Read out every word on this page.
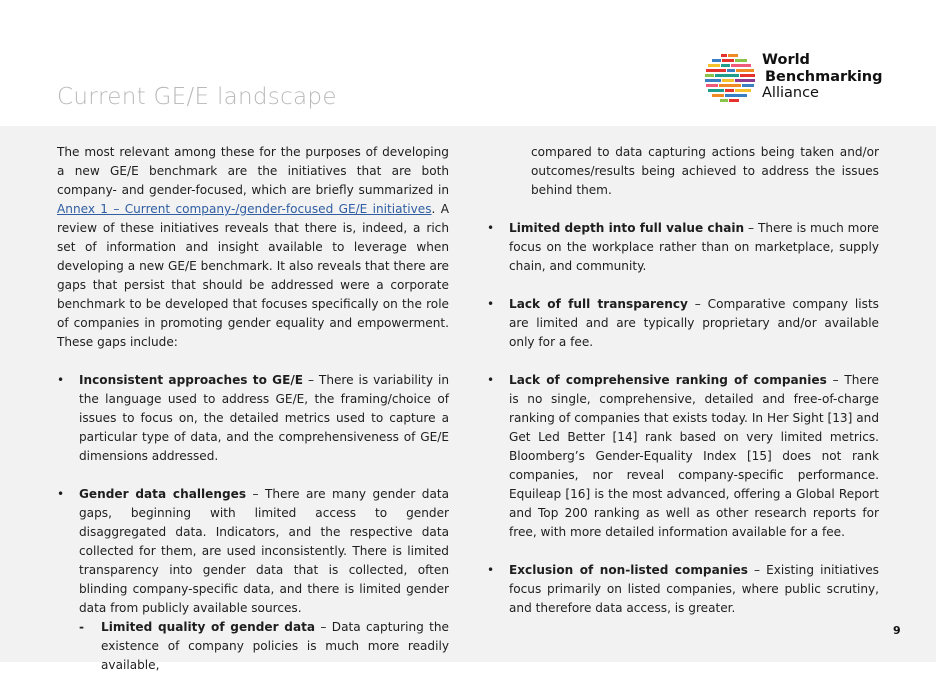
Current GE/E landscape
World
Benchmarking
Alliance

The most relevant among these for the purposes of developing a new GE/E benchmark are the initiatives that are both company- and gender-focused, which are briefly summarized in Annex 1 – Current company-/gender-focused GE/E initiatives. A review of these initiatives reveals that there is, indeed, a rich set of information and insight available to leverage when developing a new GE/E benchmark. It also reveals that there are gaps that persist that should be addressed were a corporate benchmark to be developed that focuses specifically on the role of companies in promoting gender equality and empowerment. These gaps include:

• Inconsistent approaches to GE/E – There is variability in the language used to address GE/E, the framing/choice of issues to focus on, the detailed metrics used to capture a particular type of data, and the comprehensiveness of GE/E dimensions addressed.
• Gender data challenges – There are many gender data gaps, beginning with limited access to gender disaggregated data. Indicators, and the respective data collected for them, are used inconsistently. There is limited transparency into gender data that is collected, often blinding company-specific data, and there is limited gender data from publicly available sources.
- Limited quality of gender data – Data capturing the existence of company policies is much more readily available,

compared to data capturing actions being taken and/or outcomes/results being achieved to address the issues behind them.

• Limited depth into full value chain – There is much more focus on the workplace rather than on marketplace, supply chain, and community.
• Lack of full transparency – Comparative company lists are limited and are typically proprietary and/or available only for a fee.
• Lack of comprehensive ranking of companies – There is no single, comprehensive, detailed and free-of-charge ranking of companies that exists today. In Her Sight [13] and Get Led Better [14] rank based on very limited metrics. Bloomberg’s Gender-Equality Index [15] does not rank companies, nor reveal company-specific performance. Equileap [16] is the most advanced, offering a Global Report and Top 200 ranking as well as other research reports for free, with more detailed information available for a fee.
• Exclusion of non-listed companies – Existing initiatives focus primarily on listed companies, where public scrutiny, and therefore data access, is greater.
9
